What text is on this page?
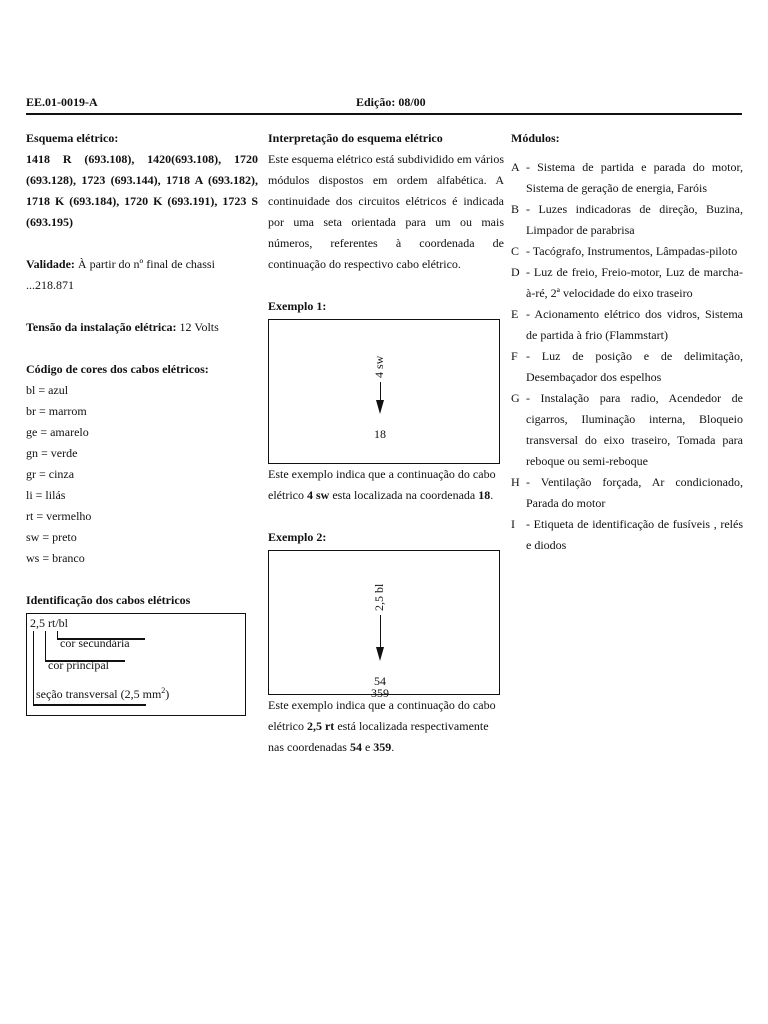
EE.01-0019-A	Edição: 08/00

Esquema elétrico:

1418 R (693.108), 1420(693.108), 1720 (693.128), 1723 (693.144), 1718 A (693.182), 1718 K (693.184), 1720 K (693.191), 1723 S (693.195)

Validade: À partir do nº final de chassi ...218.871

Tensão da instalação elétrica: 12 Volts

Código de cores dos cabos elétricos:

bl = azul

br = marrom

ge = amarelo

gn = verde

gr = cinza

li = lilás

rt = vermelho

sw = preto

ws = branco

Identificação dos cabos elétricos

2,5 rt/bl
cor secundária
cor principal
seção transversal (2,5 $mm^2$)

Interpretação do esquema elétrico

Este esquema elétrico está subdividido em vários módulos dispostos em ordem alfabética. A continuidade dos circuitos elétricos é indicada por uma seta orientada para um ou mais números, referentes à coordenada de continuação do respectivo cabo elétrico.

Exemplo 1:

4 sw
18

Este exemplo indica que a continuação do cabo elétrico 4 sw esta localizada na coordenada 18.

Exemplo 2:

2,5 bl
54
359

Este exemplo indica que a continuação do cabo elétrico 2,5 rt está localizada respectivamente nas coordenadas 54 e 359.

Módulos:

A - Sistema de partida e parada do motor, Sistema de geração de energia, Faróis
B - Luzes indicadoras de direção, Buzina, Limpador de parabrisa
C - Tacógrafo, Instrumentos, Lâmpadas-piloto
D - Luz de freio, Freio-motor, Luz de marcha-à-ré, 2ª velocidade do eixo traseiro
E - Acionamento elétrico dos vidros, Sistema de partida à frio (Flammstart)
F - Luz de posição e de delimitação, Desembaçador dos espelhos
G - Instalação para radio, Acendedor de cigarros, Iluminação interna, Bloqueio transversal do eixo traseiro, Tomada para reboque ou semi-reboque
H - Ventilação forçada, Ar condicionado, Parada do motor
I - Etiqueta de identificação de fusíveis , relés e diodos
